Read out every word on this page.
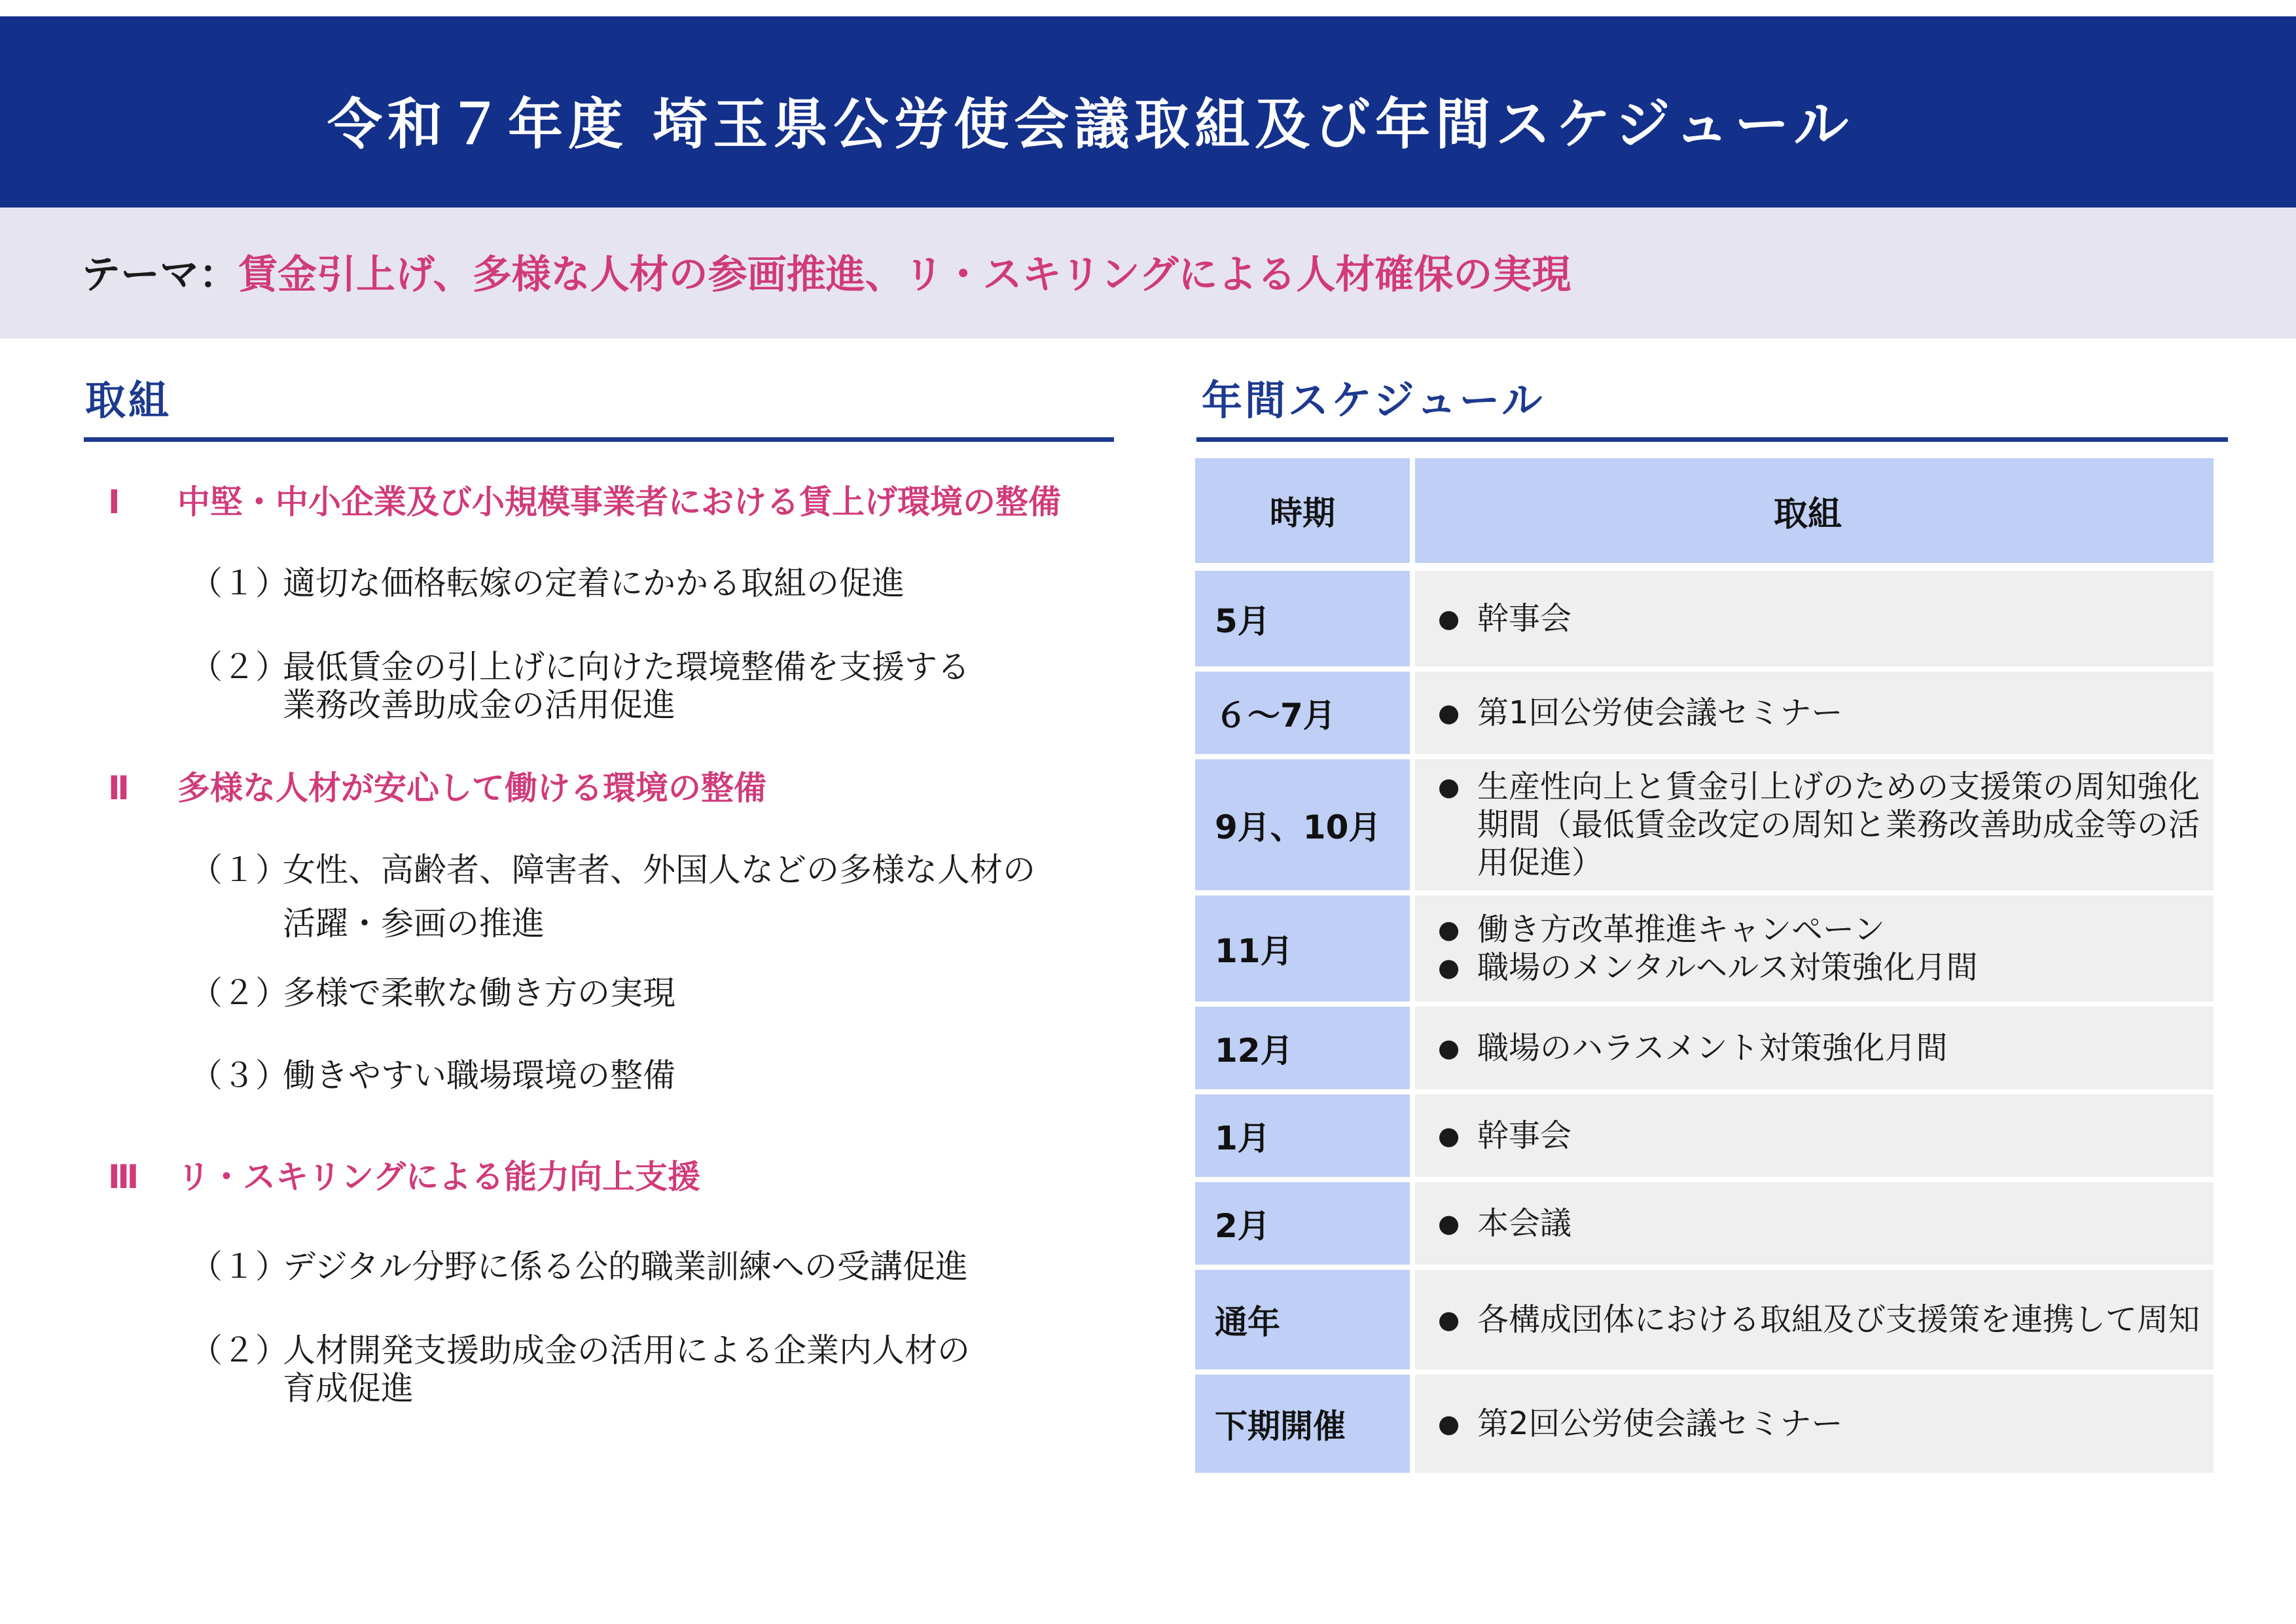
令和７年度 埼玉県公労使会議取組及び年間スケジュール
テーマ：賃金引上げ、多様な人材の参画推進、リ・スキリングによる人材確保の実現
取組
Ⅰ 中堅・中小企業及び小規模事業者における賃上げ環境の整備
（１）適切な価格転嫁の定着にかかる取組の促進
（２）最低賃金の引上げに向けた環境整備を支援する
業務改善助成金の活用促進
Ⅱ 多様な人材が安心して働ける環境の整備
（１）女性、高齢者、障害者、外国人などの多様な人材の
活躍・参画の推進
（２）多様で柔軟な働き方の実現
（３）働きやすい職場環境の整備
Ⅲ リ・スキリングによる能力向上支援
（１）デジタル分野に係る公的職業訓練への受講促進
（２）人材開発支援助成金の活用による企業内人材の
育成促進
年間スケジュール
時期	取組
5月	● 幹事会
６～7月	● 第1回公労使会議セミナー
9月、10月
● 生産性向上と賃金引上げのための支援策の周知強化期間（最低賃金改定の周知と業務改善助成金等の活用促進）
11月
● 働き方改革推進キャンペーン
● 職場のメンタルヘルス対策強化月間
12月	● 職場のハラスメント対策強化月間
1月	● 幹事会
2月	● 本会議
通年	● 各構成団体における取組及び支援策を連携して周知
下期開催	● 第2回公労使会議セミナー
